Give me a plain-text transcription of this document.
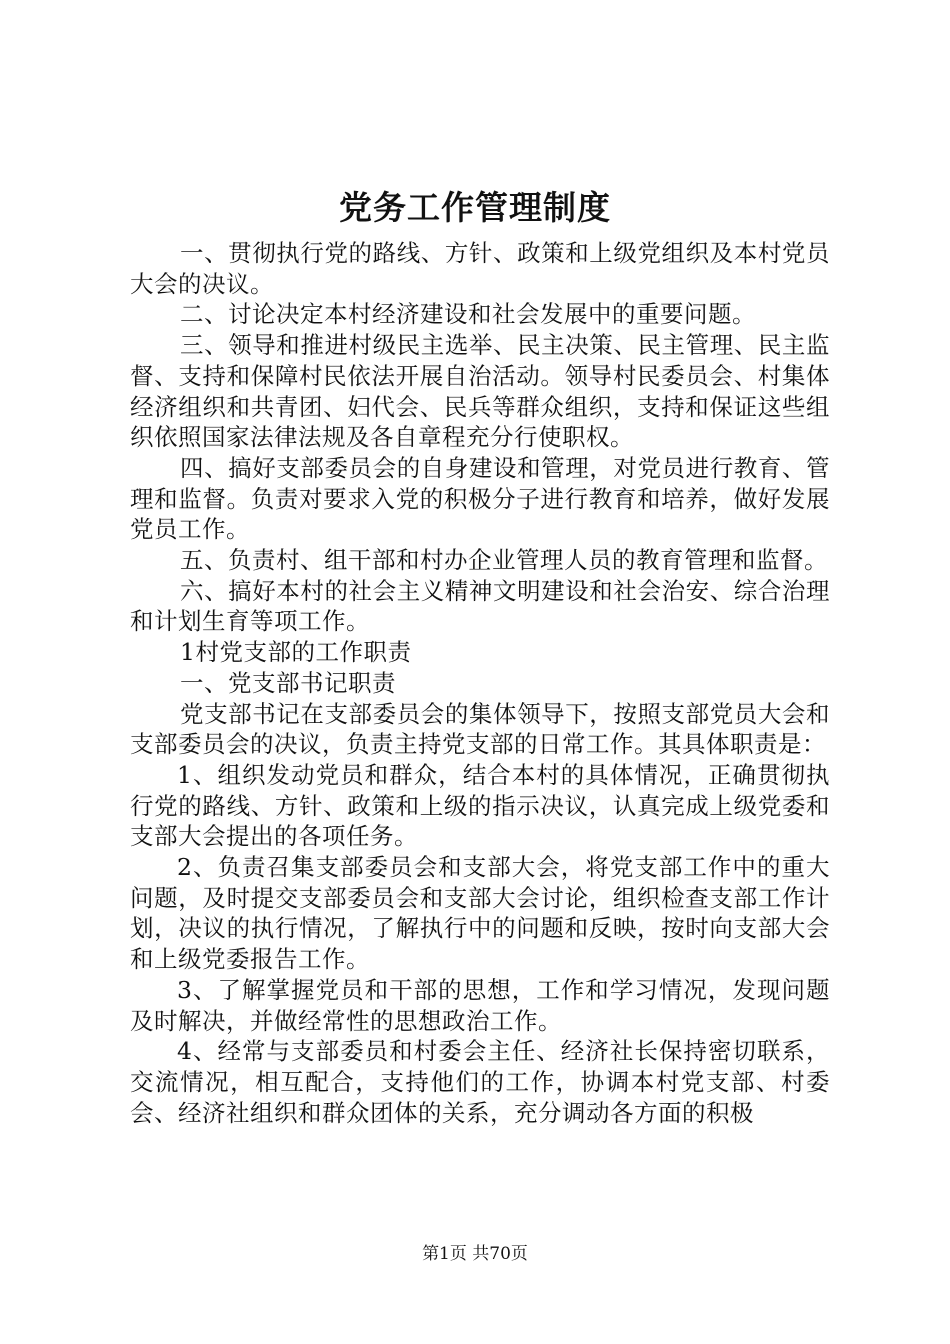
党务工作管理制度

一、贯彻执行党的路线、方针、政策和上级党组织及本村党员大会的决议。

二、讨论决定本村经济建设和社会发展中的重要问题。

三、领导和推进村级民主选举、民主决策、民主管理、民主监督、支持和保障村民依法开展自治活动。领导村民委员会、村集体经济组织和共青团、妇代会、民兵等群众组织，支持和保证这些组织依照国家法律法规及各自章程充分行使职权。

四、搞好支部委员会的自身建设和管理，对党员进行教育、管理和监督。负责对要求入党的积极分子进行教育和培养，做好发展党员工作。

五、负责村、组干部和村办企业管理人员的教育管理和监督。

六、搞好本村的社会主义精神文明建设和社会治安、综合治理和计划生育等项工作。

1村党支部的工作职责

一、党支部书记职责

党支部书记在支部委员会的集体领导下，按照支部党员大会和支部委员会的决议，负责主持党支部的日常工作。其具体职责是：

1、组织发动党员和群众，结合本村的具体情况，正确贯彻执行党的路线、方针、政策和上级的指示决议，认真完成上级党委和支部大会提出的各项任务。

2、负责召集支部委员会和支部大会，将党支部工作中的重大问题，及时提交支部委员会和支部大会讨论，组织检查支部工作计划，决议的执行情况，了解执行中的问题和反映，按时向支部大会和上级党委报告工作。

3、了解掌握党员和干部的思想，工作和学习情况，发现问题及时解决，并做经常性的思想政治工作。

4、经常与支部委员和村委会主任、经济社长保持密切联系，交流情况，相互配合，支持他们的工作，协调本村党支部、村委会、经济社组织和群众团体的关系，充分调动各方面的积极

第1页 共70页
